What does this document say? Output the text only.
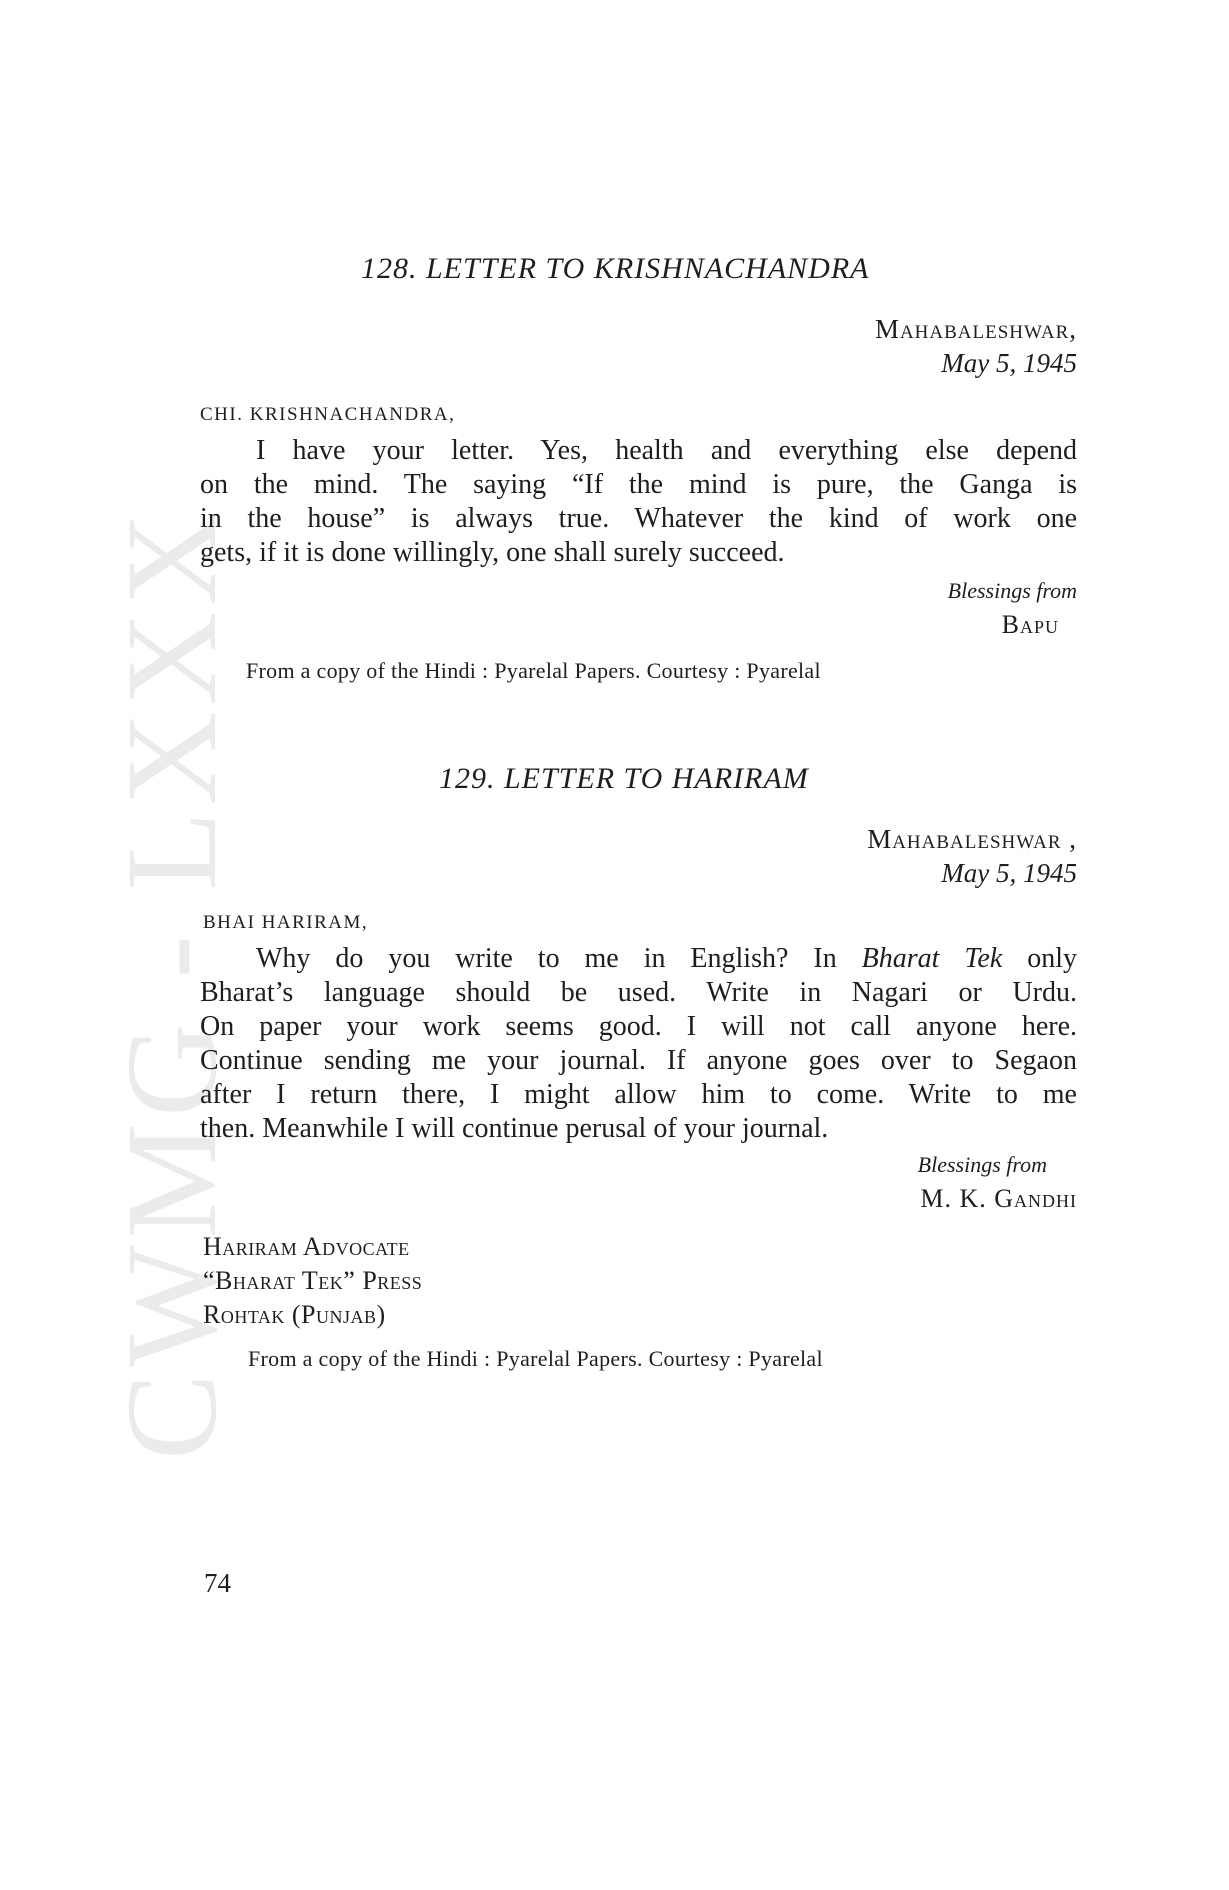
CWMG - LXXX
128. LETTER TO KRISHNACHANDRA
Mahabaleshwar,
May 5, 1945
CHI. KRISHNACHANDRA,
I have your letter. Yes, health and everything else depend
on the mind. The saying “If the mind is pure, the Ganga is
in the house” is always true. Whatever the kind of work one
gets, if it is done willingly, one shall surely succeed.
Blessings from
Bapu
From a copy of the Hindi : Pyarelal Papers. Courtesy : Pyarelal
129. LETTER TO HARIRAM
Mahabaleshwar ,
May 5, 1945
BHAI HARIRAM,
Why do you write to me in English? In Bharat Tek only
Bharat’s language should be used. Write in Nagari or Urdu.
On paper your work seems good. I will not call anyone here.
Continue sending me your journal. If anyone goes over to Segaon
after I return there, I might allow him to come. Write to me
then. Meanwhile I will continue perusal of your journal.
Blessings from
M. K. Gandhi
Hariram Advocate
“Bharat Tek” Press
Rohtak (Punjab)
From a copy of the Hindi : Pyarelal Papers. Courtesy : Pyarelal
74
